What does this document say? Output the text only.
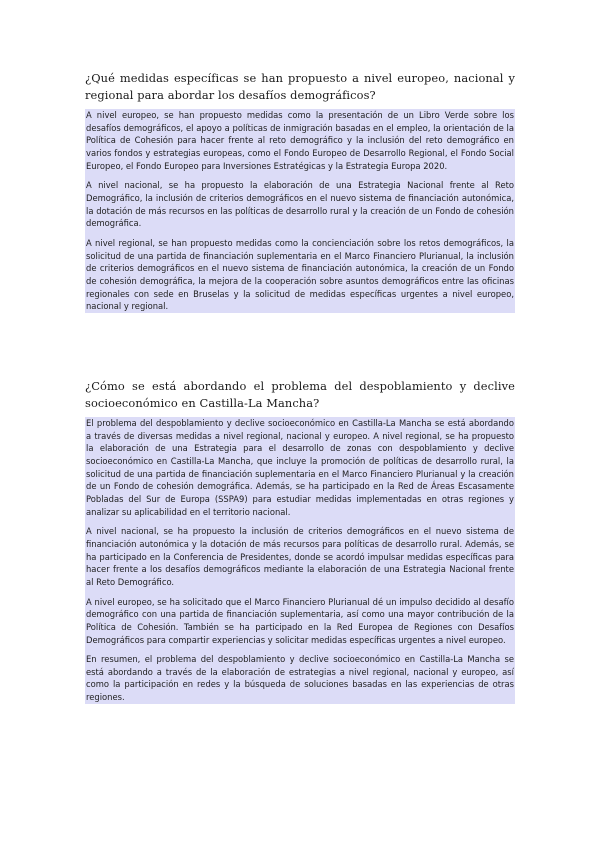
¿Qué medidas específicas se han propuesto a nivel europeo, nacional y regional para abordar los desafíos demográficos?

A nivel europeo, se han propuesto medidas como la presentación de un Libro Verde sobre los desafíos demográficos, el apoyo a políticas de inmigración basadas en el empleo, la orientación de la Política de Cohesión para hacer frente al reto demográfico y la inclusión del reto demográfico en varios fondos y estrategias europeas, como el Fondo Europeo de Desarrollo Regional, el Fondo Social Europeo, el Fondo Europeo para Inversiones Estratégicas y la Estrategia Europa 2020.

A nivel nacional, se ha propuesto la elaboración de una Estrategia Nacional frente al Reto Demográfico, la inclusión de criterios demográficos en el nuevo sistema de financiación autonómica, la dotación de más recursos en las políticas de desarrollo rural y la creación de un Fondo de cohesión demográfica.

A nivel regional, se han propuesto medidas como la concienciación sobre los retos demográficos, la solicitud de una partida de financiación suplementaria en el Marco Financiero Plurianual, la inclusión de criterios demográficos en el nuevo sistema de financiación autonómica, la creación de un Fondo de cohesión demográfica, la mejora de la cooperación sobre asuntos demográficos entre las oficinas regionales con sede en Bruselas y la solicitud de medidas específicas urgentes a nivel europeo, nacional y regional.

¿Cómo se está abordando el problema del despoblamiento y declive socioeconómico en Castilla-La Mancha?

El problema del despoblamiento y declive socioeconómico en Castilla-La Mancha se está abordando a través de diversas medidas a nivel regional, nacional y europeo. A nivel regional, se ha propuesto la elaboración de una Estrategia para el desarrollo de zonas con despoblamiento y declive socioeconómico en Castilla-La Mancha, que incluye la promoción de políticas de desarrollo rural, la solicitud de una partida de financiación suplementaria en el Marco Financiero Plurianual y la creación de un Fondo de cohesión demográfica. Además, se ha participado en la Red de Áreas Escasamente Pobladas del Sur de Europa (SSPA9) para estudiar medidas implementadas en otras regiones y analizar su aplicabilidad en el territorio nacional.

A nivel nacional, se ha propuesto la inclusión de criterios demográficos en el nuevo sistema de financiación autonómica y la dotación de más recursos para políticas de desarrollo rural. Además, se ha participado en la Conferencia de Presidentes, donde se acordó impulsar medidas específicas para hacer frente a los desafíos demográficos mediante la elaboración de una Estrategia Nacional frente al Reto Demográfico.

A nivel europeo, se ha solicitado que el Marco Financiero Plurianual dé un impulso decidido al desafío demográfico con una partida de financiación suplementaria, así como una mayor contribución de la Política de Cohesión. También se ha participado en la Red Europea de Regiones con Desafíos Demográficos para compartir experiencias y solicitar medidas específicas urgentes a nivel europeo.

En resumen, el problema del despoblamiento y declive socioeconómico en Castilla-La Mancha se está abordando a través de la elaboración de estrategias a nivel regional, nacional y europeo, así como la participación en redes y la búsqueda de soluciones basadas en las experiencias de otras regiones.
